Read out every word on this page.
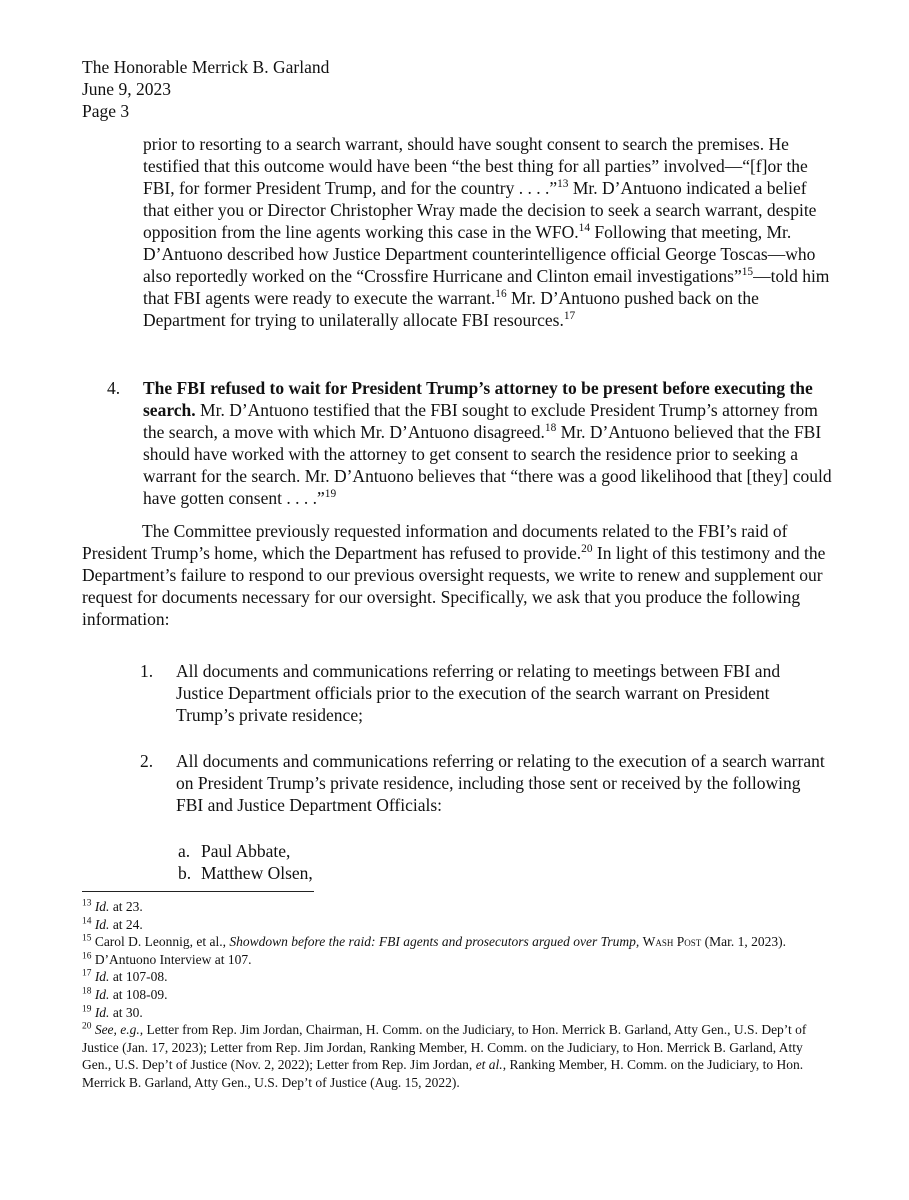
The Honorable Merrick B. Garland
June 9, 2023
Page 3
prior to resorting to a search warrant, should have sought consent to search the premises. He testified that this outcome would have been “the best thing for all parties” involved—“[f]or the FBI, for former President Trump, and for the country . . . .”$^{13}$ Mr. D’Antuono indicated a belief that either you or Director Christopher Wray made the decision to seek a search warrant, despite opposition from the line agents working this case in the WFO.$^{14}$ Following that meeting, Mr. D’Antuono described how Justice Department counterintelligence official George Toscas—who also reportedly worked on the “Crossfire Hurricane and Clinton email investigations”$^{15}$—told him that FBI agents were ready to execute the warrant.$^{16}$ Mr. D’Antuono pushed back on the Department for trying to unilaterally allocate FBI resources.$^{17}$
4.	The FBI refused to wait for President Trump’s attorney to be present before executing the search. Mr. D’Antuono testified that the FBI sought to exclude President Trump’s attorney from the search, a move with which Mr. D’Antuono disagreed.$^{18}$ Mr. D’Antuono believed that the FBI should have worked with the attorney to get consent to search the residence prior to seeking a warrant for the search. Mr. D’Antuono believes that “there was a good likelihood that [they] could have gotten consent . . . .”$^{19}$
The Committee previously requested information and documents related to the FBI’s raid of President Trump’s home, which the Department has refused to provide.$^{20}$ In light of this testimony and the Department’s failure to respond to our previous oversight requests, we write to renew and supplement our request for documents necessary for our oversight. Specifically, we ask that you produce the following information:
1.	All documents and communications referring or relating to meetings between FBI and Justice Department officials prior to the execution of the search warrant on President Trump’s private residence;
2.	All documents and communications referring or relating to the execution of a search warrant on President Trump’s private residence, including those sent or received by the following FBI and Justice Department Officials:
a. Paul Abbate,
b. Matthew Olsen,

$^{13}$ Id. at 23.

$^{14}$ Id. at 24.

$^{15}$ Carol D. Leonnig, et al., Showdown before the raid: FBI agents and prosecutors argued over Trump, Wash Post (Mar. 1, 2023).

$^{16}$ D’Antuono Interview at 107.

$^{17}$ Id. at 107-08.

$^{18}$ Id. at 108-09.

$^{19}$ Id. at 30.

$^{20}$ See, e.g., Letter from Rep. Jim Jordan, Chairman, H. Comm. on the Judiciary, to Hon. Merrick B. Garland, Atty Gen., U.S. Dep’t of Justice (Jan. 17, 2023); Letter from Rep. Jim Jordan, Ranking Member, H. Comm. on the Judiciary, to Hon. Merrick B. Garland, Atty Gen., U.S. Dep’t of Justice (Nov. 2, 2022); Letter from Rep. Jim Jordan, et al., Ranking Member, H. Comm. on the Judiciary, to Hon. Merrick B. Garland, Atty Gen., U.S. Dep’t of Justice (Aug. 15, 2022).
